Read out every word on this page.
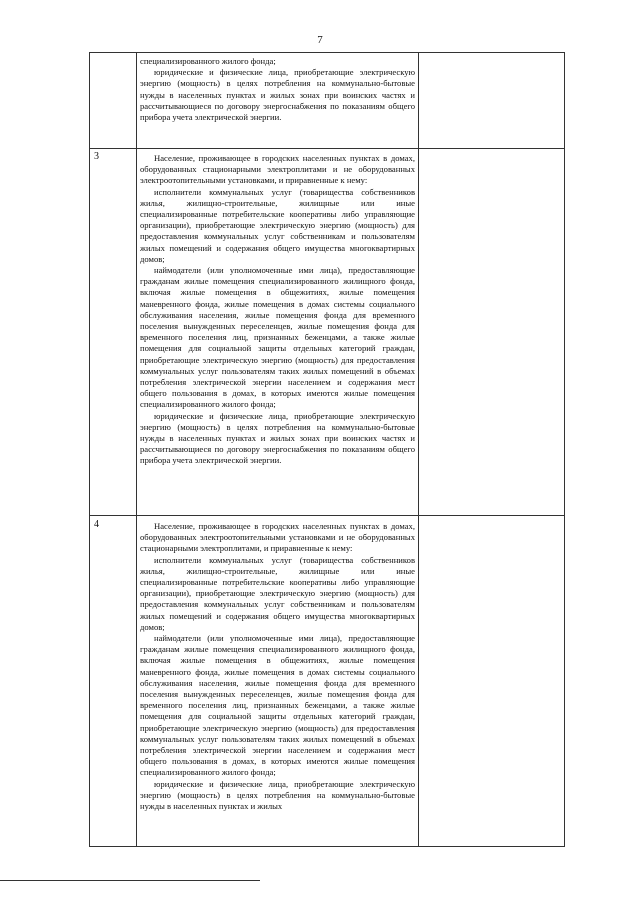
7

специализированного жилого фонда;

юридические и физические лица, приобретающие электрическую энергию (мощность) в целях потребления на коммунально-бытовые нужды в населенных пунктах и жилых зонах при воинских частях и рассчитывающиеся по договору энергоснабжения по показаниям общего прибора учета электрической энергии.

3	Население, проживающее в городских населенных пунктах в домах, оборудованных стационарными электроплитами и не оборудованных электроотопительными установками, и приравненные к нему:

исполнители коммунальных услуг (товарищества собственников жилья, жилищно-строительные, жилищные или иные специализированные потребительские кооперативы либо управляющие организации), приобретающие электрическую энергию (мощность) для предоставления коммунальных услуг собственникам и пользователям жилых помещений и содержания общего имущества многоквартирных домов;

наймодатели (или уполномоченные ими лица), предоставляющие гражданам жилые помещения специализированного жилищного фонда, включая жилые помещения в общежитиях, жилые помещения маневренного фонда, жилые помещения в домах системы социального обслуживания населения, жилые помещения фонда для временного поселения вынужденных переселенцев, жилые помещения фонда для временного поселения лиц, признанных беженцами, а также жилые помещения для социальной защиты отдельных категорий граждан, приобретающие электрическую энергию (мощность) для предоставления коммунальных услуг пользователям таких жилых помещений в объемах потребления электрической энергии населением и содержания мест общего пользования в домах, в которых имеются жилые помещения специализированного жилого фонда;

юридические и физические лица, приобретающие электрическую энергию (мощность) в целях потребления на коммунально-бытовые нужды в населенных пунктах и жилых зонах при воинских частях и рассчитывающиеся по договору энергоснабжения по показаниям общего прибора учета электрической энергии.

4	Население, проживающее в городских населенных пунктах в домах, оборудованных электроотопительными установками и не оборудованных стационарными электроплитами, и приравненные к нему:

исполнители коммунальных услуг (товарищества собственников жилья, жилищно-строительные, жилищные или иные специализированные потребительские кооперативы либо управляющие организации), приобретающие электрическую энергию (мощность) для предоставления коммунальных услуг собственникам и пользователям жилых помещений и содержания общего имущества многоквартирных домов;

наймодатели (или уполномоченные ими лица), предоставляющие гражданам жилые помещения специализированного жилищного фонда, включая жилые помещения в общежитиях, жилые помещения маневренного фонда, жилые помещения в домах системы социального обслуживания населения, жилые помещения фонда для временного поселения вынужденных переселенцев, жилые помещения фонда для временного поселения лиц, признанных беженцами, а также жилые помещения для социальной защиты отдельных категорий граждан, приобретающие электрическую энергию (мощность) для предоставления коммунальных услуг пользователям таких жилых помещений в объемах потребления электрической энергии населением и содержания мест общего пользования в домах, в которых имеются жилые помещения специализированного жилого фонда;

юридические и физические лица, приобретающие электрическую энергию (мощность) в целях потребления на коммунально-бытовые нужды в населенных пунктах и жилых
